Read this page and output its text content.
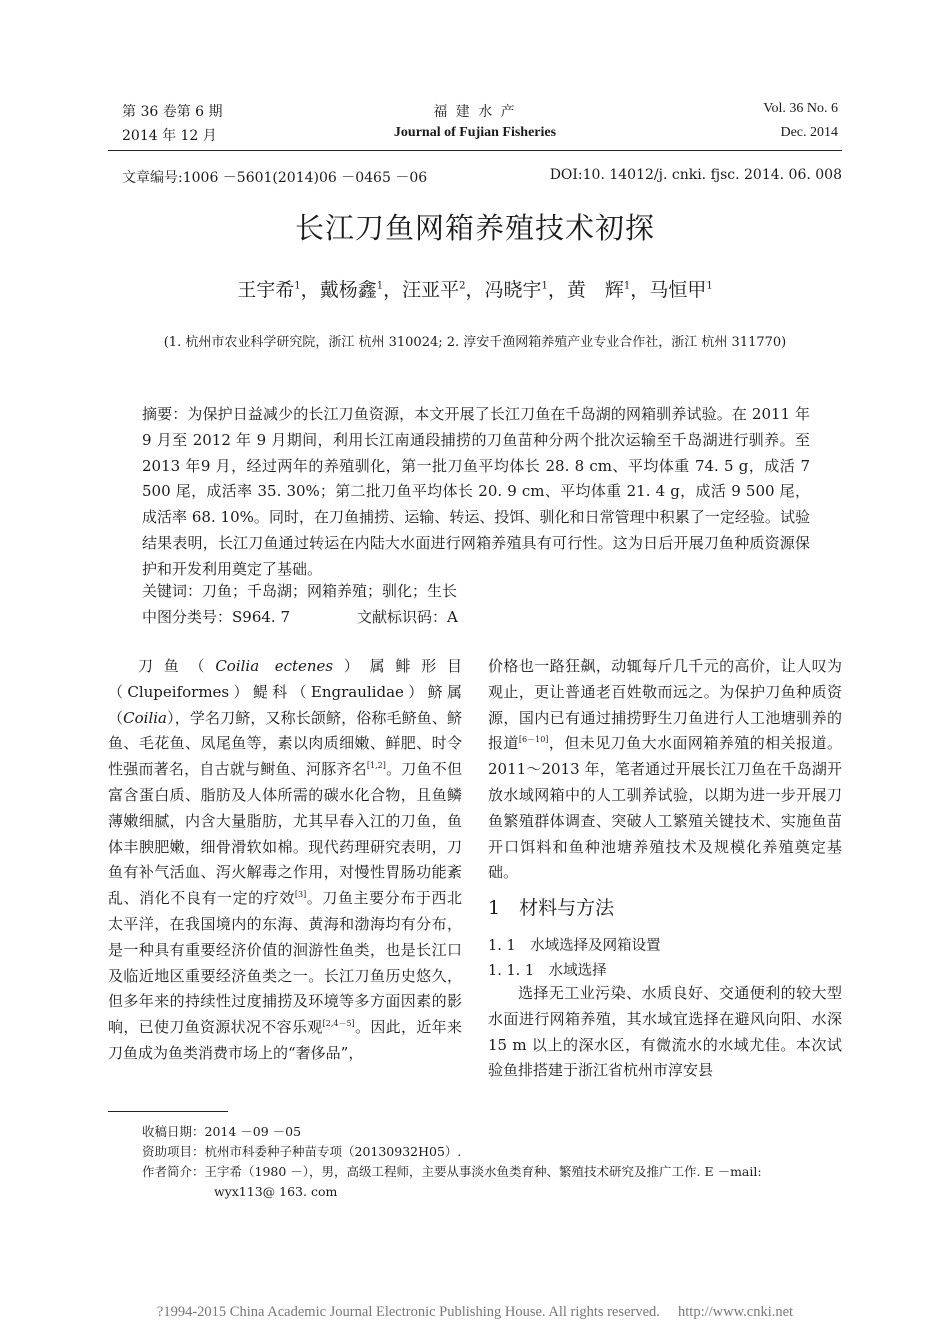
第 36 卷第 6 期
2014 年 12 月
福 建 水 产
Journal of Fujian Fisheries
Vol. 36 No. 6
Dec. 2014
文章编号:1006 －5601(2014)06 －0465 －06	DOI:10. 14012/j. cnki. fjsc. 2014. 06. 008
长江刀鱼网箱养殖技术初探
王宇希$^1$，戴杨鑫$^1$，汪亚平$^2$，冯晓宇$^1$，黄　辉$^1$，马恒甲$^1$
(1. 杭州市农业科学研究院，浙江 杭州 310024; 2. 淳安千渔网箱养殖产业专业合作社，浙江 杭州 311770)
摘要：为保护日益减少的长江刀鱼资源，本文开展了长江刀鱼在千岛湖的网箱驯养试验。在 2011 年 9 月至 2012 年 9 月期间，利用长江南通段捕捞的刀鱼苗种分两个批次运输至千岛湖进行驯养。至2013 年9 月，经过两年的养殖驯化，第一批刀鱼平均体长 28. 8 cm、平均体重 74. 5 g，成活 7 500 尾，成活率 35. 30%；第二批刀鱼平均体长 20. 9 cm、平均体重 21. 4 g，成活 9 500 尾，成活率 68. 10%。同时，在刀鱼捕捞、运输、转运、投饵、驯化和日常管理中积累了一定经验。试验结果表明，长江刀鱼通过转运在内陆大水面进行网箱养殖具有可行性。这为日后开展刀鱼种质资源保护和开发利用奠定了基础。
关键词：刀鱼；千岛湖；网箱养殖；驯化；生长
中图分类号：S964. 7	文献标识码：A
刀鱼（Coilia ectenes）属鲱形目（Clupeiformes）鳀科（Engraulidae）鲚属（Coilia），学名刀鲚，又称长颌鲚，俗称毛鲚鱼、鲚鱼、毛花鱼、凤尾鱼等，素以肉质细嫩、鲜肥、时令性强而著名，自古就与鲥鱼、河豚齐名[1,2]。刀鱼不但富含蛋白质、脂肪及人体所需的碳水化合物，且鱼鳞薄嫩细腻，内含大量脂肪，尤其早春入江的刀鱼，鱼体丰腴肥嫩，细骨滑软如棉。现代药理研究表明，刀鱼有补气活血、泻火解毒之作用，对慢性胃肠功能紊乱、消化不良有一定的疗效[3]。刀鱼主要分布于西北太平洋，在我国境内的东海、黄海和渤海均有分布，是一种具有重要经济价值的洄游性鱼类，也是长江口及临近地区重要经济鱼类之一。长江刀鱼历史悠久，但多年来的持续性过度捕捞及环境等多方面因素的影响，已使刀鱼资源状况不容乐观[2,4－5]。因此，近年来刀鱼成为鱼类消费市场上的“奢侈品”，
价格也一路狂飙，动辄每斤几千元的高价，让人叹为观止，更让普通老百姓敬而远之。为保护刀鱼种质资源，国内已有通过捕捞野生刀鱼进行人工池塘驯养的报道[6－10]，但未见刀鱼大水面网箱养殖的相关报道。2011～2013 年，笔者通过开展长江刀鱼在千岛湖开放水域网箱中的人工驯养试验，以期为进一步开展刀鱼繁殖群体调查、突破人工繁殖关键技术、实施鱼苗开口饵料和鱼种池塘养殖技术及规模化养殖奠定基础。
1　材料与方法
1. 1　水域选择及网箱设置
1. 1. 1　水域选择
选择无工业污染、水质良好、交通便利的较大型水面进行网箱养殖，其水域宜选择在避风向阳、水深 15 m 以上的深水区，有微流水的水域尤佳。本次试验鱼排搭建于浙江省杭州市淳安县
收稿日期：2014 －09 －05
资助项目：杭州市科委种子种苗专项（20130932H05）.
作者简介：王宇希（1980 －），男，高级工程师，主要从事淡水鱼类育种、繁殖技术研究及推广工作. E －mail:
wyx113@ 163. com
?1994-2015 China Academic Journal Electronic Publishing House. All rights reserved.　 http://www.cnki.net
